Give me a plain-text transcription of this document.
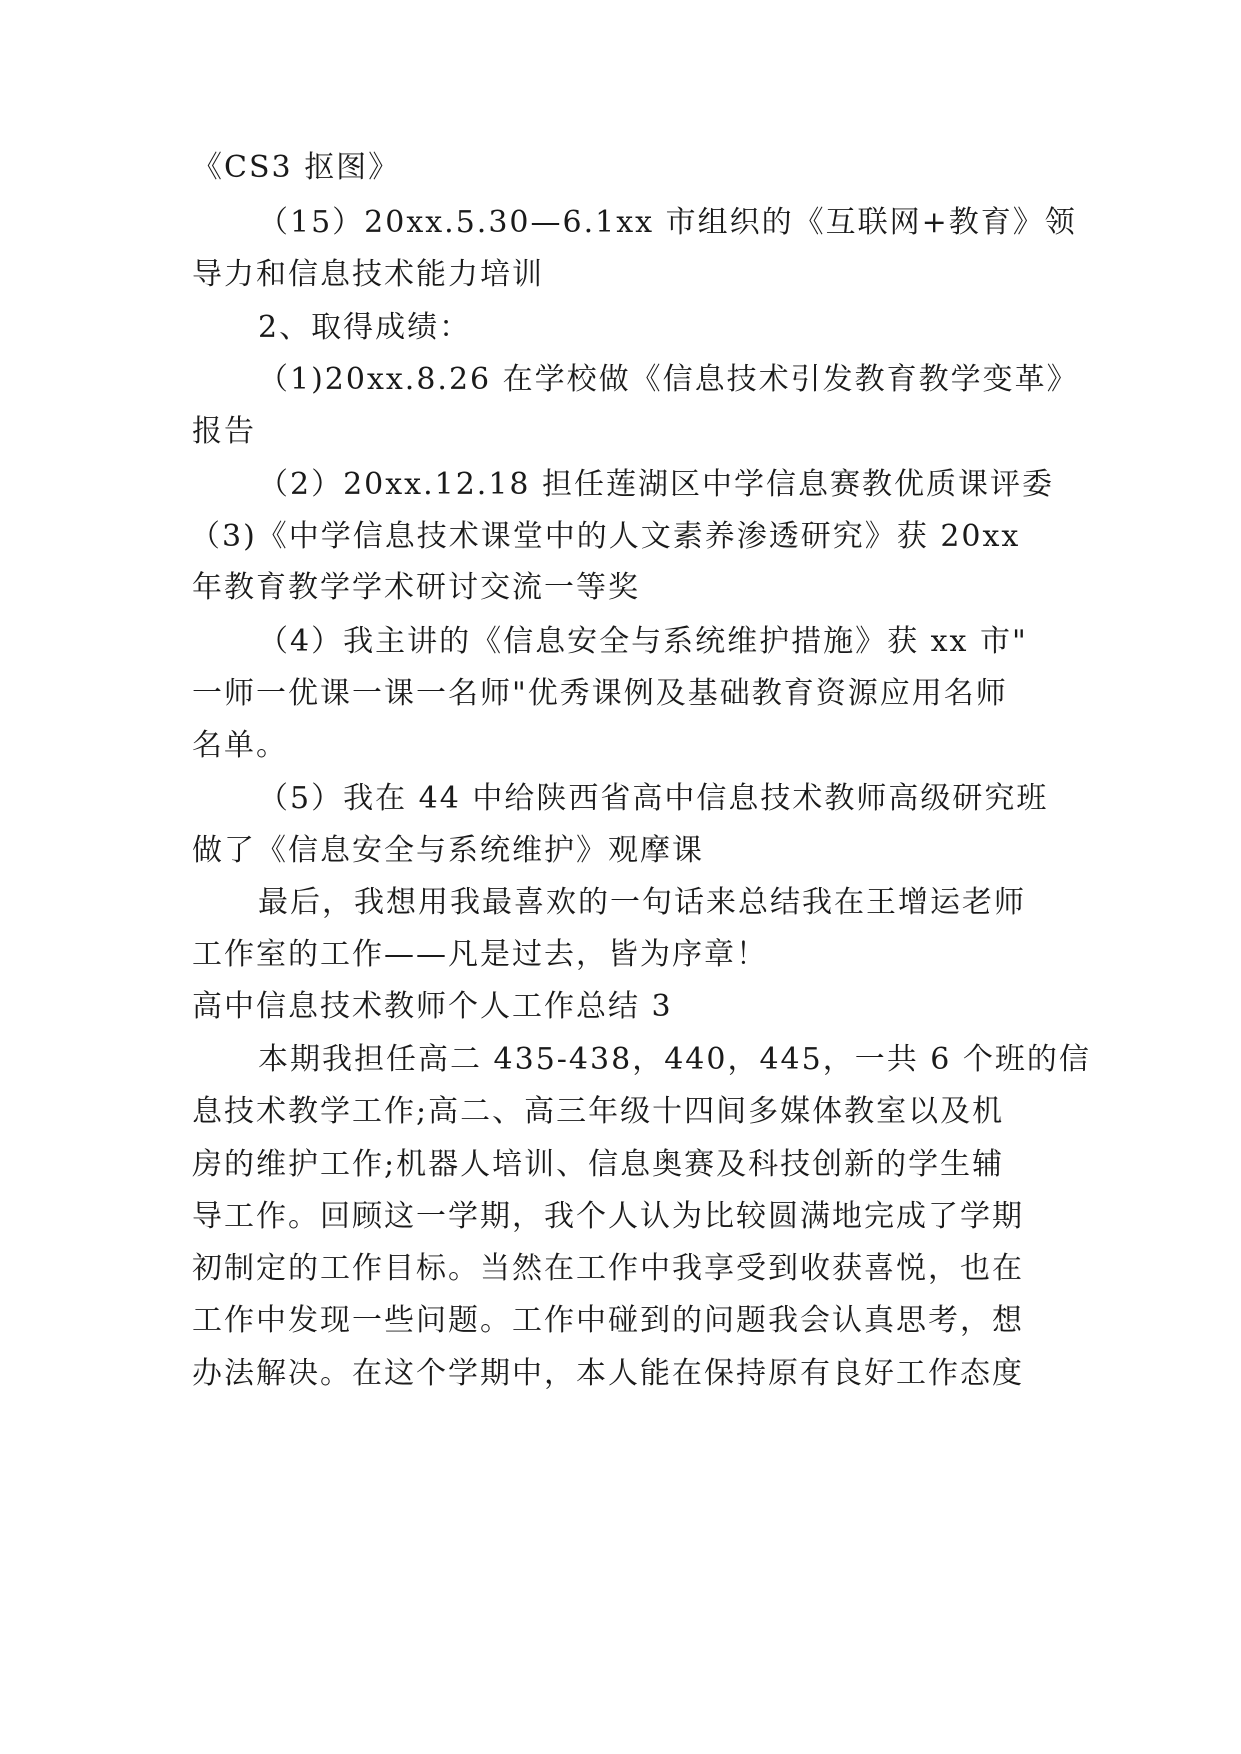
《CS3 抠图》
（15）20xx.5.30—6.1xx 市组织的《互联网+教育》领
导力和信息技术能力培训
2、取得成绩：
（1)20xx.8.26 在学校做《信息技术引发教育教学变革》
报告
（2）20xx.12.18 担任莲湖区中学信息赛教优质课评委
（3)《中学信息技术课堂中的人文素养渗透研究》获 20xx
年教育教学学术研讨交流一等奖
（4）我主讲的《信息安全与系统维护措施》获 xx 市"
一师一优课一课一名师"优秀课例及基础教育资源应用名师
名单。
（5）我在 44 中给陕西省高中信息技术教师高级研究班
做了《信息安全与系统维护》观摩课
最后，我想用我最喜欢的一句话来总结我在王增运老师
工作室的工作——凡是过去，皆为序章！
高中信息技术教师个人工作总结 3
本期我担任高二 435-438，440，445，一共 6 个班的信
息技术教学工作;高二、高三年级十四间多媒体教室以及机
房的维护工作;机器人培训、信息奥赛及科技创新的学生辅
导工作。回顾这一学期，我个人认为比较圆满地完成了学期
初制定的工作目标。当然在工作中我享受到收获喜悦，也在
工作中发现一些问题。工作中碰到的问题我会认真思考，想
办法解决。在这个学期中，本人能在保持原有良好工作态度
